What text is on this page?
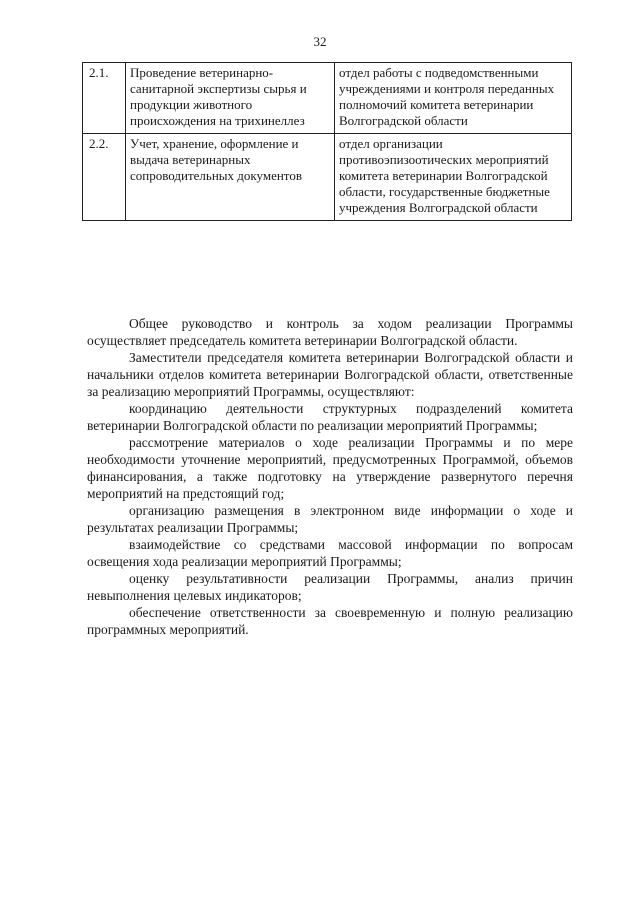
32
2.1.	Проведение ветеринарно-санитарной экспертизы сырья и продукции животного происхождения на трихинеллез	отдел работы с подведомственными учреждениями и контроля переданных полномочий комитета ветеринарии Волгоградской области
2.2.	Учет, хранение, оформление и выдача ветеринарных сопроводительных документов	отдел организации противоэпизоотических мероприятий комитета ветеринарии Волгоградской области, государственные бюджетные учреждения Волгоградской области

Общее руководство и контроль за ходом реализации Программы осуществляет председатель комитета ветеринарии Волгоградской области.

Заместители председателя комитета ветеринарии Волгоградской области и начальники отделов комитета ветеринарии Волгоградской области, ответственные за реализацию мероприятий Программы, осуществляют:

координацию деятельности структурных подразделений комитета ветеринарии Волгоградской области по реализации мероприятий Программы;

рассмотрение материалов о ходе реализации Программы и по мере необходимости уточнение мероприятий, предусмотренных Программой, объемов финансирования, а также подготовку на утверждение развернутого перечня мероприятий на предстоящий год;

организацию размещения в электронном виде информации о ходе и результатах реализации Программы;

взаимодействие со средствами массовой информации по вопросам освещения хода реализации мероприятий Программы;

оценку результативности реализации Программы, анализ причин невыполнения целевых индикаторов;

обеспечение ответственности за своевременную и полную реализацию программных мероприятий.
